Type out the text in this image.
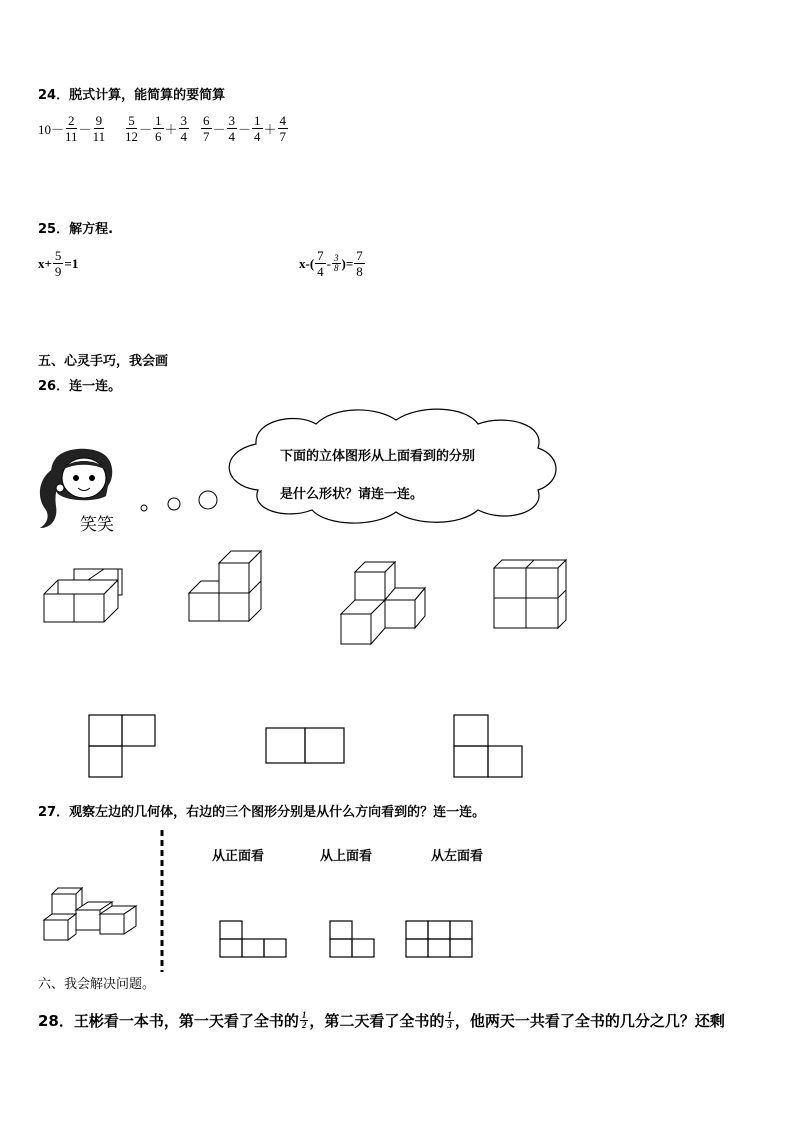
24．脱式计算，能简算的要简算
$10- \frac{2}{11} - \frac{9}{11} \frac{5}{12} - \frac{1}{6} + \frac{3}{4} \frac{6}{7} - \frac{3}{4} - \frac{1}{4} + \frac{4}{7}$
25．解方程.
$x+ \frac{5}{9} =1$	$x-( \frac{7}{4} - \frac{3}{8}$ )= $\frac{7}{8}$
五、心灵手巧，我会画
26．连一连。
笑笑
下面的立体图形从上面看到的分别
是什么形状？请连一连。
27．观察左边的几何体，右边的三个图形分别是从什么方向看到的？连一连。
从正面看	从上面看	从左面看
六、我会解决问题。
28．王彬看一本书，第一天看了全书的 $\frac{1}{2}$ ，第二天看了全书的 $\frac{1}{3}$ ，他两天一共看了全书的几分之几？还剩
